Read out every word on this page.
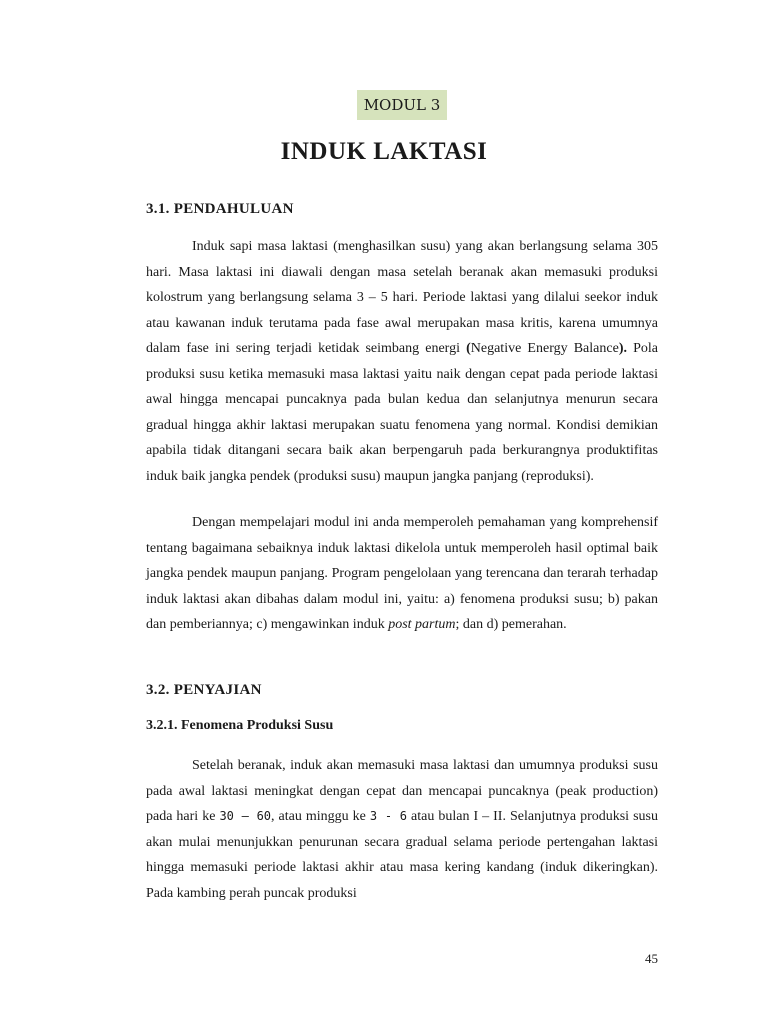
MODUL 3
INDUK LAKTASI
3.1. PENDAHULUAN

Induk sapi masa laktasi (menghasilkan susu) yang akan berlangsung selama 305 hari. Masa laktasi ini diawali dengan masa setelah beranak akan memasuki produksi kolostrum yang berlangsung selama 3 – 5 hari. Periode laktasi yang dilalui seekor induk atau kawanan induk terutama pada fase awal merupakan masa kritis, karena umumnya dalam fase ini sering terjadi ketidak seimbang energi (Negative Energy Balance). Pola produksi susu ketika memasuki masa laktasi yaitu naik dengan cepat pada periode laktasi awal hingga mencapai puncaknya pada bulan kedua dan selanjutnya menurun secara gradual hingga akhir laktasi merupakan suatu fenomena yang normal. Kondisi demikian apabila tidak ditangani secara baik akan berpengaruh pada berkurangnya produktifitas induk baik jangka pendek (produksi susu) maupun jangka panjang (reproduksi).

Dengan mempelajari modul ini anda memperoleh pemahaman yang komprehensif tentang bagaimana sebaiknya induk laktasi dikelola untuk memperoleh hasil optimal baik jangka pendek maupun panjang. Program pengelolaan yang terencana dan terarah terhadap induk laktasi akan dibahas dalam modul ini, yaitu: a) fenomena produksi susu; b) pakan dan pemberiannya; c) mengawinkan induk post partum; dan d) pemerahan.

3.2. PENYAJIAN
3.2.1. Fenomena Produksi Susu

Setelah beranak, induk akan memasuki masa laktasi dan umumnya produksi susu pada awal laktasi meningkat dengan cepat dan mencapai puncaknya (peak production) pada hari ke 30 – 60, atau minggu ke 3 - 6 atau bulan I – II. Selanjutnya produksi susu akan mulai menunjukkan penurunan secara gradual selama periode pertengahan laktasi hingga memasuki periode laktasi akhir atau masa kering kandang (induk dikeringkan). Pada kambing perah puncak produksi

45
